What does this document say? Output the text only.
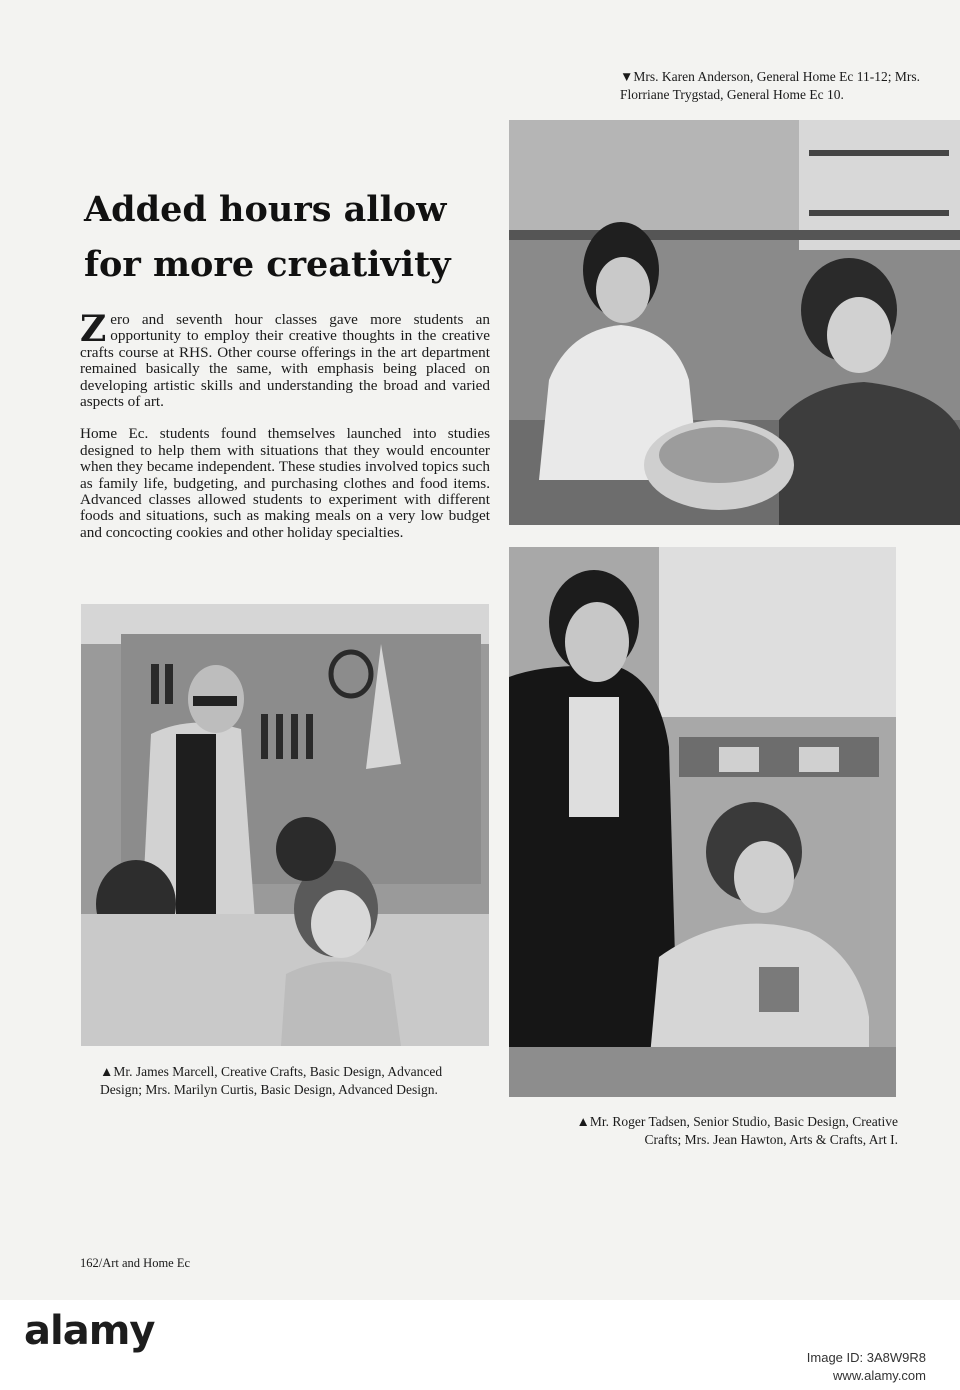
▼Mrs. Karen Anderson, General Home Ec 11-12; Mrs. Florriane Trygstad, General Home Ec 10.
Added hours allow for more creativity

Zero and seventh hour classes gave more students an opportunity to employ their creative thoughts in the creative crafts course at RHS. Other course offerings in the art department remained basically the same, with emphasis being placed on developing artistic skills and understanding the broad and varied aspects of art.

Home Ec. students found themselves launched into studies designed to help them with situations that they would encounter when they became independent. These studies involved topics such as family life, budgeting, and purchasing clothes and food items. Advanced classes allowed students to experiment with different foods and situations, such as making meals on a very low budget and concocting cookies and other holiday specialties.

▲Mr. James Marcell, Creative Crafts, Basic Design, Advanced Design; Mrs. Marilyn Curtis, Basic Design, Advanced Design.
▲Mr. Roger Tadsen, Senior Studio, Basic Design, Creative Crafts; Mrs. Jean Hawton, Arts & Crafts, Art I.
162/Art and Home Ec
alamy
Image ID: 3A8W9R8
www.alamy.com
